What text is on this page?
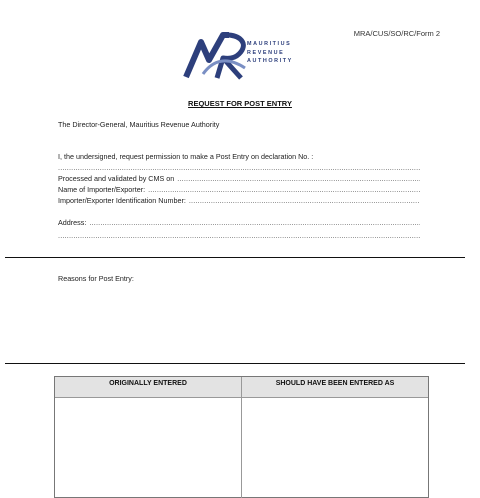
MRA/CUS/SO/RC/Form 2
MAURITIUS
REVENUE
AUTHORITY
REQUEST FOR POST ENTRY
The Director-General, Mauritius Revenue Authority
I, the undersigned, request permission to make a Post Entry on declaration No. :
.....
Processed and validated by CMS on .....
Name of Importer/Exporter: .....
Importer/Exporter Identification Number: .....
Address: .....
.....
Reasons for Post Entry:
ORIGINALLY ENTERED	SHOULD HAVE BEEN ENTERED AS
